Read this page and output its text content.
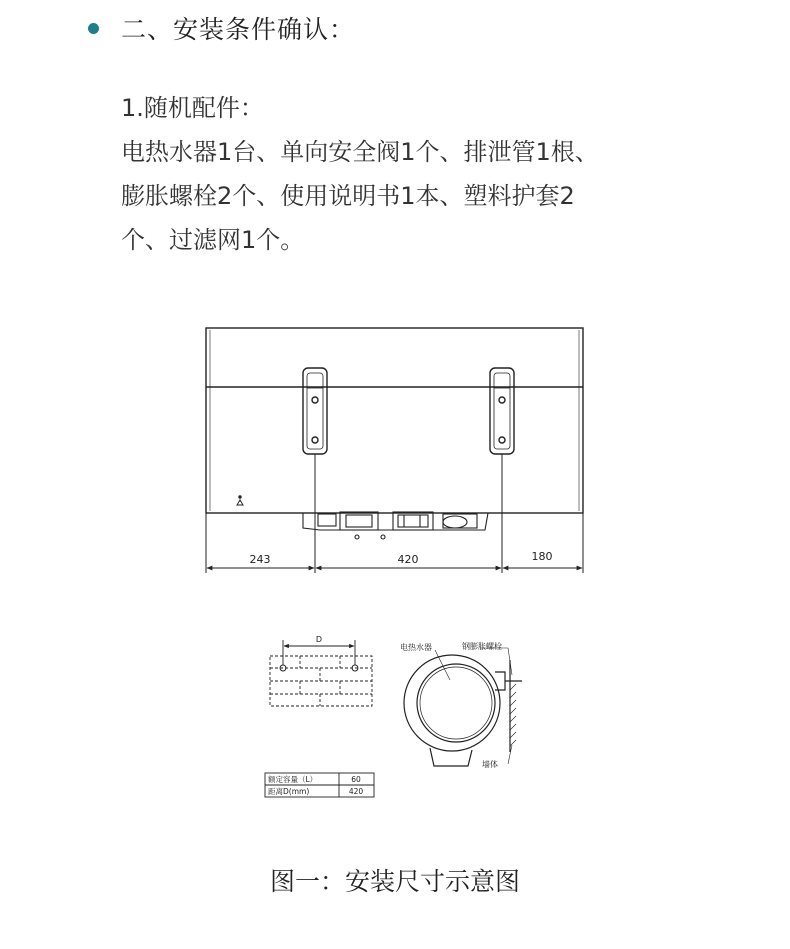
二、安装条件确认：
1.随机配件：
电热水器1台、单向安全阀1个、排泄管1根、
膨胀螺栓2个、使用说明书1本、塑料护套2
个、过滤网1个。
243	420	180
D
电热水器	钢膨胀螺栓
墙体
额定容量（L）	60
距离D(mm)	420
图一：安装尺寸示意图
